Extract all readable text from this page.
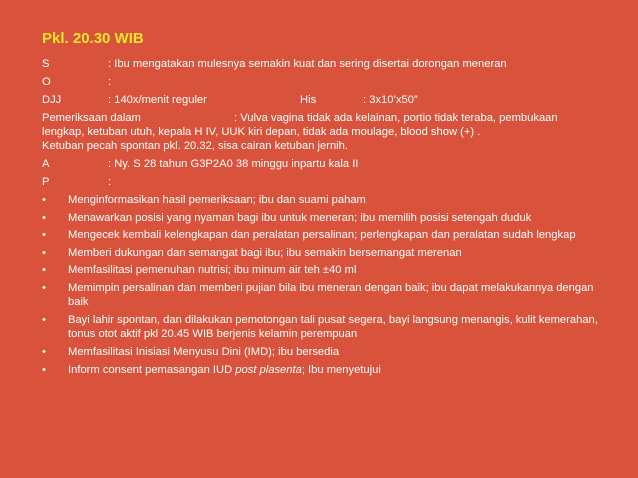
Pkl. 20.30 WIB
S	: Ibu mengatakan mulesnya semakin kuat dan sering disertai dorongan meneran
O	:
DJJ	: 140x/menit reguler	His	: 3x10’x50”
Pemeriksaan dalam	: Vulva vagina tidak ada kelainan, portio tidak teraba, pembukaan
lengkap, ketuban utuh, kepala H IV, UUK kiri depan, tidak ada moulage, blood show (+) .
Ketuban pecah spontan pkl. 20.32, sisa cairan ketuban jernih.
A	: Ny. S 28 tahun G3P2A0 38 minggu inpartu kala II
P	:
• Menginformasikan hasil pemeriksaan; ibu dan suami paham
• Menawarkan posisi yang nyaman bagi ibu untuk meneran; ibu memilih posisi setengah duduk
• Mengecek kembali kelengkapan dan peralatan persalinan; perlengkapan dan peralatan sudah lengkap
• Memberi dukungan dan semangat bagi ibu; ibu semakin bersemangat merenan
• Memfasilitasi pemenuhan nutrisi; ibu minum air teh ±40 ml
• Memimpin persalinan dan memberi pujian bila ibu meneran dengan baik; ibu dapat melakukannya dengan baik
• Bayi lahir spontan, dan dilakukan pemotongan tali pusat segera, bayi langsung menangis, kulit kemerahan, tonus otot aktif pkl 20.45 WIB berjenis kelamin perempuan
• Memfasilitasi Inisiasi Menyusu Dini (IMD); ibu bersedia
• Inform consent pemasangan IUD post plasenta; Ibu menyetujui
